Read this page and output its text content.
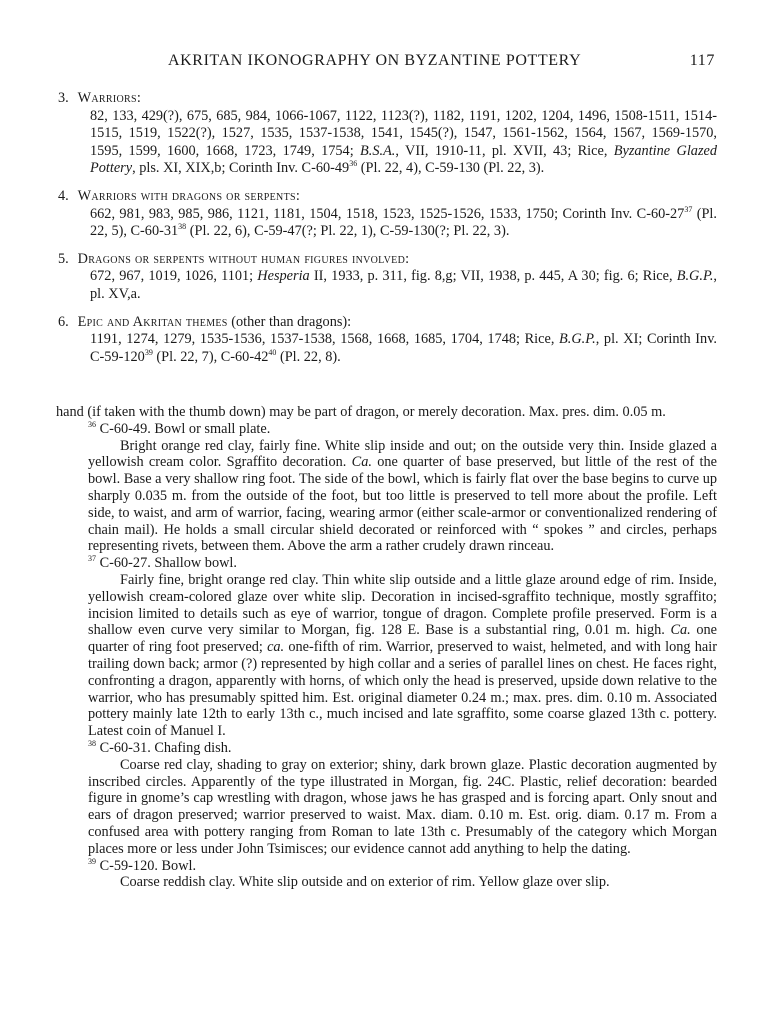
AKRITAN IKONOGRAPHY ON BYZANTINE POTTERY	117
3. Warriors:
82, 133, 429(?), 675, 685, 984, 1066-1067, 1122, 1123(?), 1182, 1191, 1202, 1204, 1496, 1508-1511, 1514-1515, 1519, 1522(?), 1527, 1535, 1537-1538, 1541, 1545(?), 1547, 1561-1562, 1564, 1567, 1569-1570, 1595, 1599, 1600, 1668, 1723, 1749, 1754; B.S.A., VII, 1910-11, pl. XVII, 43; Rice, Byzantine Glazed Pottery, pls. XI, XIX,b; Corinth Inv. $C-60-49^{36}$ (Pl. 22, 4), C-59-130 (Pl. 22, 3).
4. Warriors with dragons or serpents:
662, 981, 983, 985, 986, 1121, 1181, 1504, 1518, 1523, 1525-1526, 1533, 1750; Corinth Inv. $C-60-27^{37}$ (Pl. 22, 5), $C-60-31^{38}$ (Pl. 22, 6), C-59-47(?; Pl. 22, 1), C-59-130(?; Pl. 22, 3).
5. Dragons or serpents without human figures involved:
672, 967, 1019, 1026, 1101; Hesperia II, 1933, p. 311, fig. 8,g; VII, 1938, p. 445, A 30; fig. 6; Rice, B.G.P., pl. XV,a.
6. Epic and Akritan themes (other than dragons):
1191, 1274, 1279, 1535-1536, 1537-1538, 1568, 1668, 1685, 1704, 1748; Rice, B.G.P., pl. XI; Corinth Inv. $C-59-120^{39}$ (Pl. 22, 7), $C-60-42^{40}$ (Pl. 22, 8).

hand (if taken with the thumb down) may be part of dragon, or merely decoration. Max. pres. dim. 0.05 m.

$^{36}$ C-60-49. Bowl or small plate.

Bright orange red clay, fairly fine. White slip inside and out; on the outside very thin. Inside glazed a yellowish cream color. Sgraffito decoration. Ca. one quarter of base preserved, but little of the rest of the bowl. Base a very shallow ring foot. The side of the bowl, which is fairly flat over the base begins to curve up sharply 0.035 m. from the outside of the foot, but too little is preserved to tell more about the profile. Left side, to waist, and arm of warrior, facing, wearing armor (either scale-armor or conventionalized rendering of chain mail). He holds a small circular shield decorated or reinforced with “ spokes ” and circles, perhaps representing rivets, between them. Above the arm a rather crudely drawn rinceau.

$^{37}$ C-60-27. Shallow bowl.

Fairly fine, bright orange red clay. Thin white slip outside and a little glaze around edge of rim. Inside, yellowish cream-colored glaze over white slip. Decoration in incised-sgraffito technique, mostly sgraffito; incision limited to details such as eye of warrior, tongue of dragon. Complete profile preserved. Form is a shallow even curve very similar to Morgan, fig. 128 E. Base is a substantial ring, 0.01 m. high. Ca. one quarter of ring foot preserved; ca. one-fifth of rim. Warrior, preserved to waist, helmeted, and with long hair trailing down back; armor (?) represented by high collar and a series of parallel lines on chest. He faces right, confronting a dragon, apparently with horns, of which only the head is preserved, upside down relative to the warrior, who has presumably spitted him. Est. original diameter 0.24 m.; max. pres. dim. 0.10 m. Associated pottery mainly late 12th to early 13th c., much incised and late sgraffito, some coarse glazed 13th c. pottery. Latest coin of Manuel I.

$^{38}$ C-60-31. Chafing dish.

Coarse red clay, shading to gray on exterior; shiny, dark brown glaze. Plastic decoration augmented by inscribed circles. Apparently of the type illustrated in Morgan, fig. 24C. Plastic, relief decoration: bearded figure in gnome’s cap wrestling with dragon, whose jaws he has grasped and is forcing apart. Only snout and ears of dragon preserved; warrior preserved to waist. Max. diam. 0.10 m. Est. orig. diam. 0.17 m. From a confused area with pottery ranging from Roman to late 13th c. Presumably of the category which Morgan places more or less under John Tsimisces; our evidence cannot add anything to help the dating.

$^{39}$ C-59-120. Bowl.

Coarse reddish clay. White slip outside and on exterior of rim. Yellow glaze over slip.
